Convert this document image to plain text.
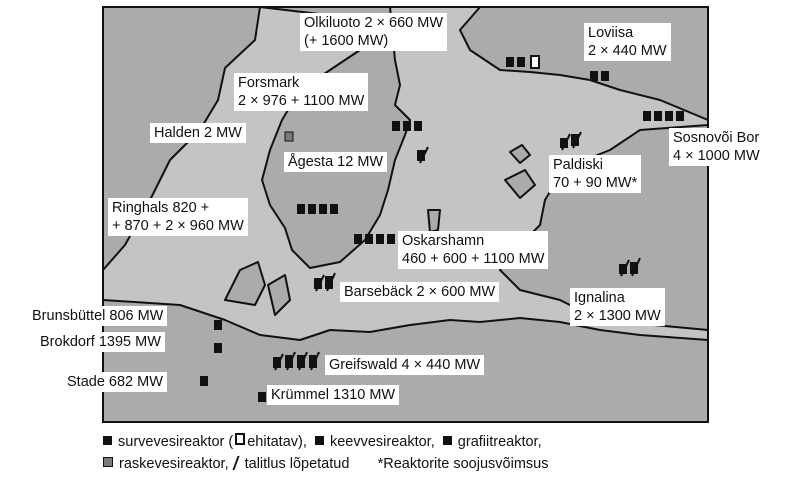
Olkiluoto 2 × 660 MW
(+ 1600 MW)	Loviisa
2 × 440 MW
Forsmark
2 × 976 + 1100 MW
Halden 2 MW
Ågesta 12 MW
Sosnovõi Bor
4 × 1000 MW
Paldiski
70 + 90 MW*
Ringhals 820 +
+ 870 + 2 × 960 MW
Oskarshamn
460 + 600 + 1100 MW
Barsebäck 2 × 600 MW	Ignalina
2 × 1300 MW
Brunsbüttel 806 MW
Brokdorf 1395 MW
Greifswald 4 × 440 MW
Stade 682 MW
Krümmel 1310 MW
survevesireaktor ( ehitatav), keevvesireaktor, grafiitreaktor,
raskevesireaktor, talitlus lõpetatud *Reaktorite soojusvõimsus
